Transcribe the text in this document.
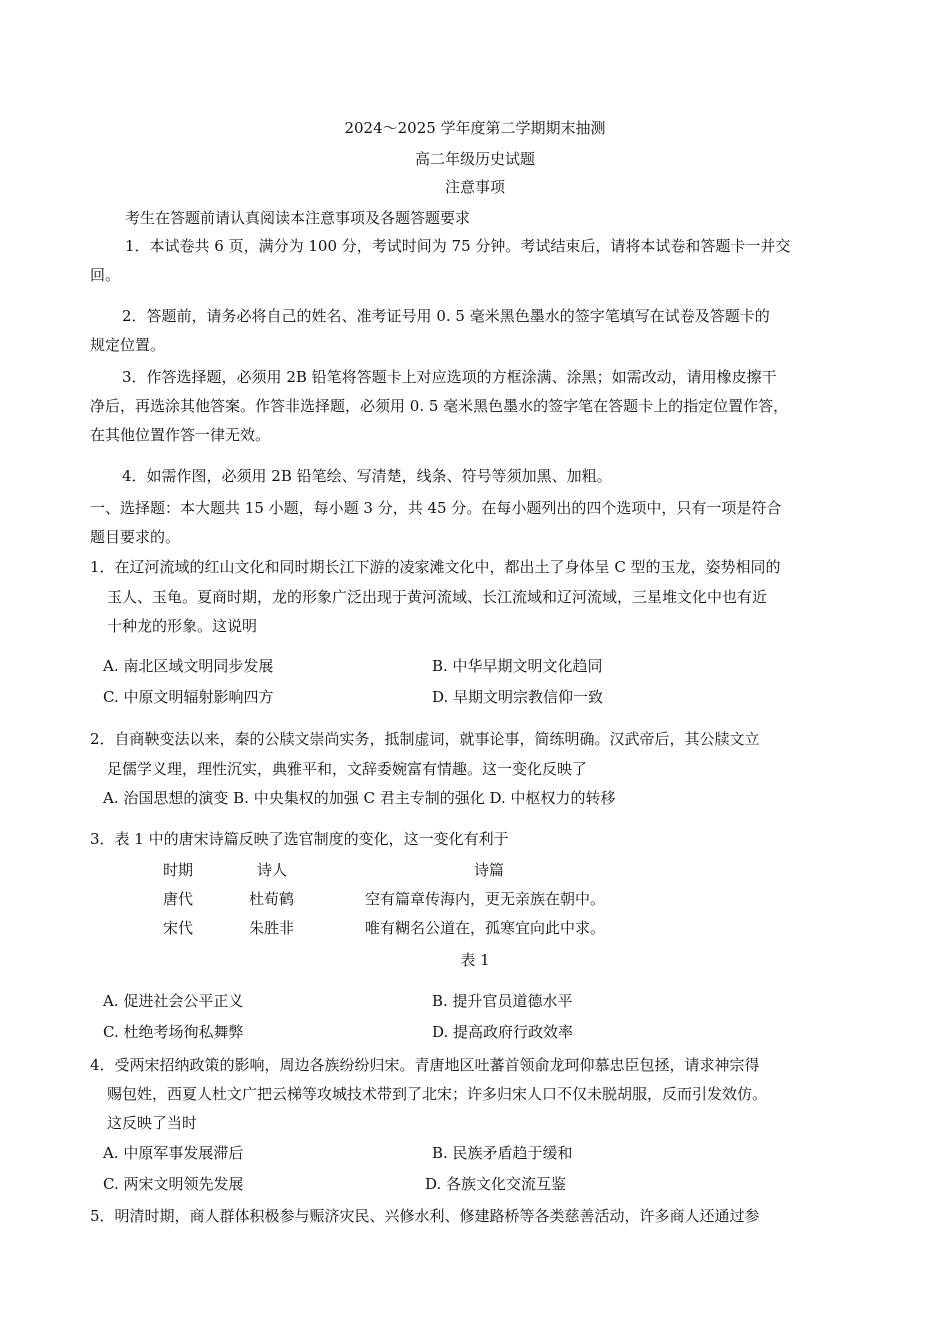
2024～2025 学年度第二学期期末抽测
高二年级历史试题
注意事项
考生在答题前请认真阅读本注意事项及各题答题要求
1．本试卷共 6 页，满分为 100 分，考试时间为 75 分钟。考试结束后，请将本试卷和答题卡一并交
回。
2．答题前，请务必将自己的姓名、准考证号用 0. 5 毫米黑色墨水的签字笔填写在试卷及答题卡的
规定位置。
3．作答选择题，必须用 2B 铅笔将答题卡上对应选项的方框涂满、涂黑；如需改动，请用橡皮擦干
净后，再选涂其他答案。作答非选择题，必须用 0. 5 毫米黑色墨水的签字笔在答题卡上的指定位置作答，
在其他位置作答一律无效。
4．如需作图，必须用 2B 铅笔绘、写清楚，线条、符号等须加黑、加粗。
一、选择题：本大题共 15 小题，每小题 3 分，共 45 分。在每小题列出的四个选项中，只有一项是符合
题目要求的。
1．在辽河流域的红山文化和同时期长江下游的凌家滩文化中，都出土了身体呈 C 型的玉龙，姿势相同的
玉人、玉龟。夏商时期，龙的形象广泛出现于黄河流域、长江流域和辽河流域，三星堆文化中也有近
十种龙的形象。这说明
A. 南北区域文明同步发展	B. 中华早期文明文化趋同
C. 中原文明辐射影响四方	D. 早期文明宗教信仰一致
2．自商鞅变法以来，秦的公牍文崇尚实务，抵制虚词，就事论事，简练明确。汉武帝后，其公牍文立
足儒学义理，理性沉实，典雅平和，文辞委婉富有情趣。这一变化反映了
A. 治国思想的演变 B. 中央集权的加强 C 君主专制的强化 D. 中枢权力的转移
3．表 1 中的唐宋诗篇反映了选官制度的变化，这一变化有利于
时期	诗人	诗篇
唐代	杜荀鹤	空有篇章传海内，更无亲族在朝中。
宋代	朱胜非	唯有糊名公道在，孤寒宜向此中求。
表 1
A. 促进社会公平正义	B. 提升官员道德水平
C. 杜绝考场徇私舞弊	D. 提高政府行政效率
4．受两宋招纳政策的影响，周边各族纷纷归宋。青唐地区吐蕃首领俞龙珂仰慕忠臣包拯，请求神宗得
赐包姓，西夏人杜文广把云梯等攻城技术带到了北宋；许多归宋人口不仅未脱胡服，反而引发效仿。
这反映了当时
A. 中原军事发展滞后	B. 民族矛盾趋于缓和
C. 两宋文明领先发展	D. 各族文化交流互鉴
5．明清时期，商人群体积极参与赈济灾民、兴修水利、修建路桥等各类慈善活动，许多商人还通过参
